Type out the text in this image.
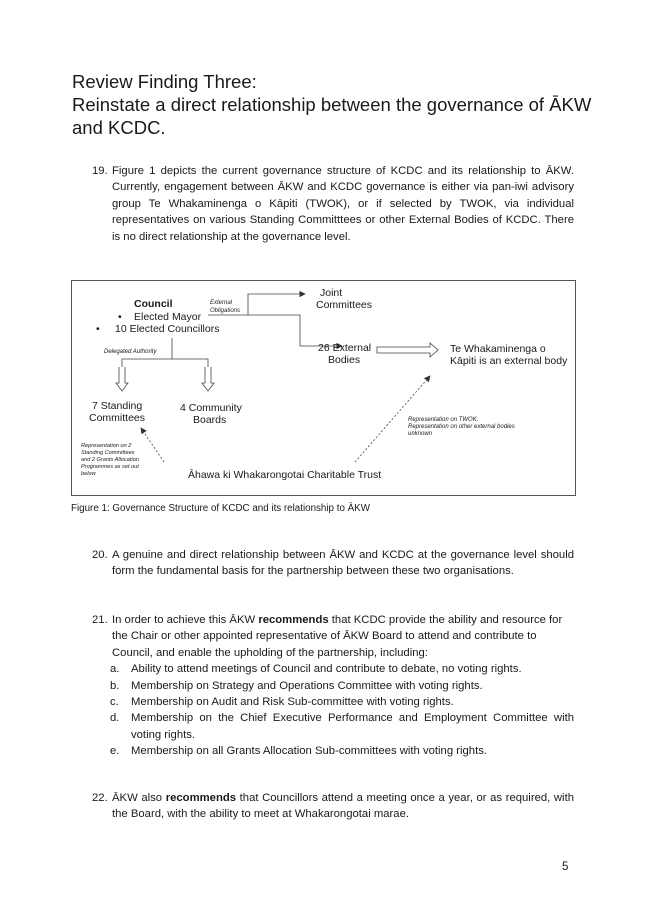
Review Finding Three:
Reinstate a direct relationship between the governance of ĀKW
and KCDC.
19. Figure 1 depicts the current governance structure of KCDC and its relationship to ĀKW. Currently, engagement between ĀKW and KCDC governance is either via pan-iwi advisory group Te Whakaminenga o Kāpiti (TWOK), or if selected by TWOK, via individual representatives on various Standing Committtees or other External Bodies of KCDC. There is no direct relationship at the governance level.
Council
• Elected Mayor
• 10 Elected Councillors
External
Obligations
Joint
Committees
26 External
Bodies
Te Whakaminenga o
Kāpiti is an external body
Delegated Authority
7 Standing
Committees
4 Community
Boards	Representation on TWOK.
Representation on other external bodies
unknown
Representation on 2
Standing Committees
and 2 Grants Allocation
Programmes as set out
below	Āhawa ki Whakarongotai Charitable Trust
Figure 1: Governance Structure of KCDC and its relationship to ĀKW
20. A genuine and direct relationship between ĀKW and KCDC at the governance level should form the fundamental basis for the partnership between these two organisations.
21. In order to achieve this ĀKW recommends that KCDC provide the ability and resource for the Chair or other appointed representative of ĀKW Board to attend and contribute to Council, and enable the upholding of the partnership, including:
a. Ability to attend meetings of Council and contribute to debate, no voting rights.
b. Membership on Strategy and Operations Committee with voting rights.
c. Membership on Audit and Risk Sub-committee with voting rights.
d. Membership on the Chief Executive Performance and Employment Committee with voting rights.
e. Membership on all Grants Allocation Sub-committees with voting rights.
22. ĀKW also recommends that Councillors attend a meeting once a year, or as required, with the Board, with the ability to meet at Whakarongotai marae.
5
